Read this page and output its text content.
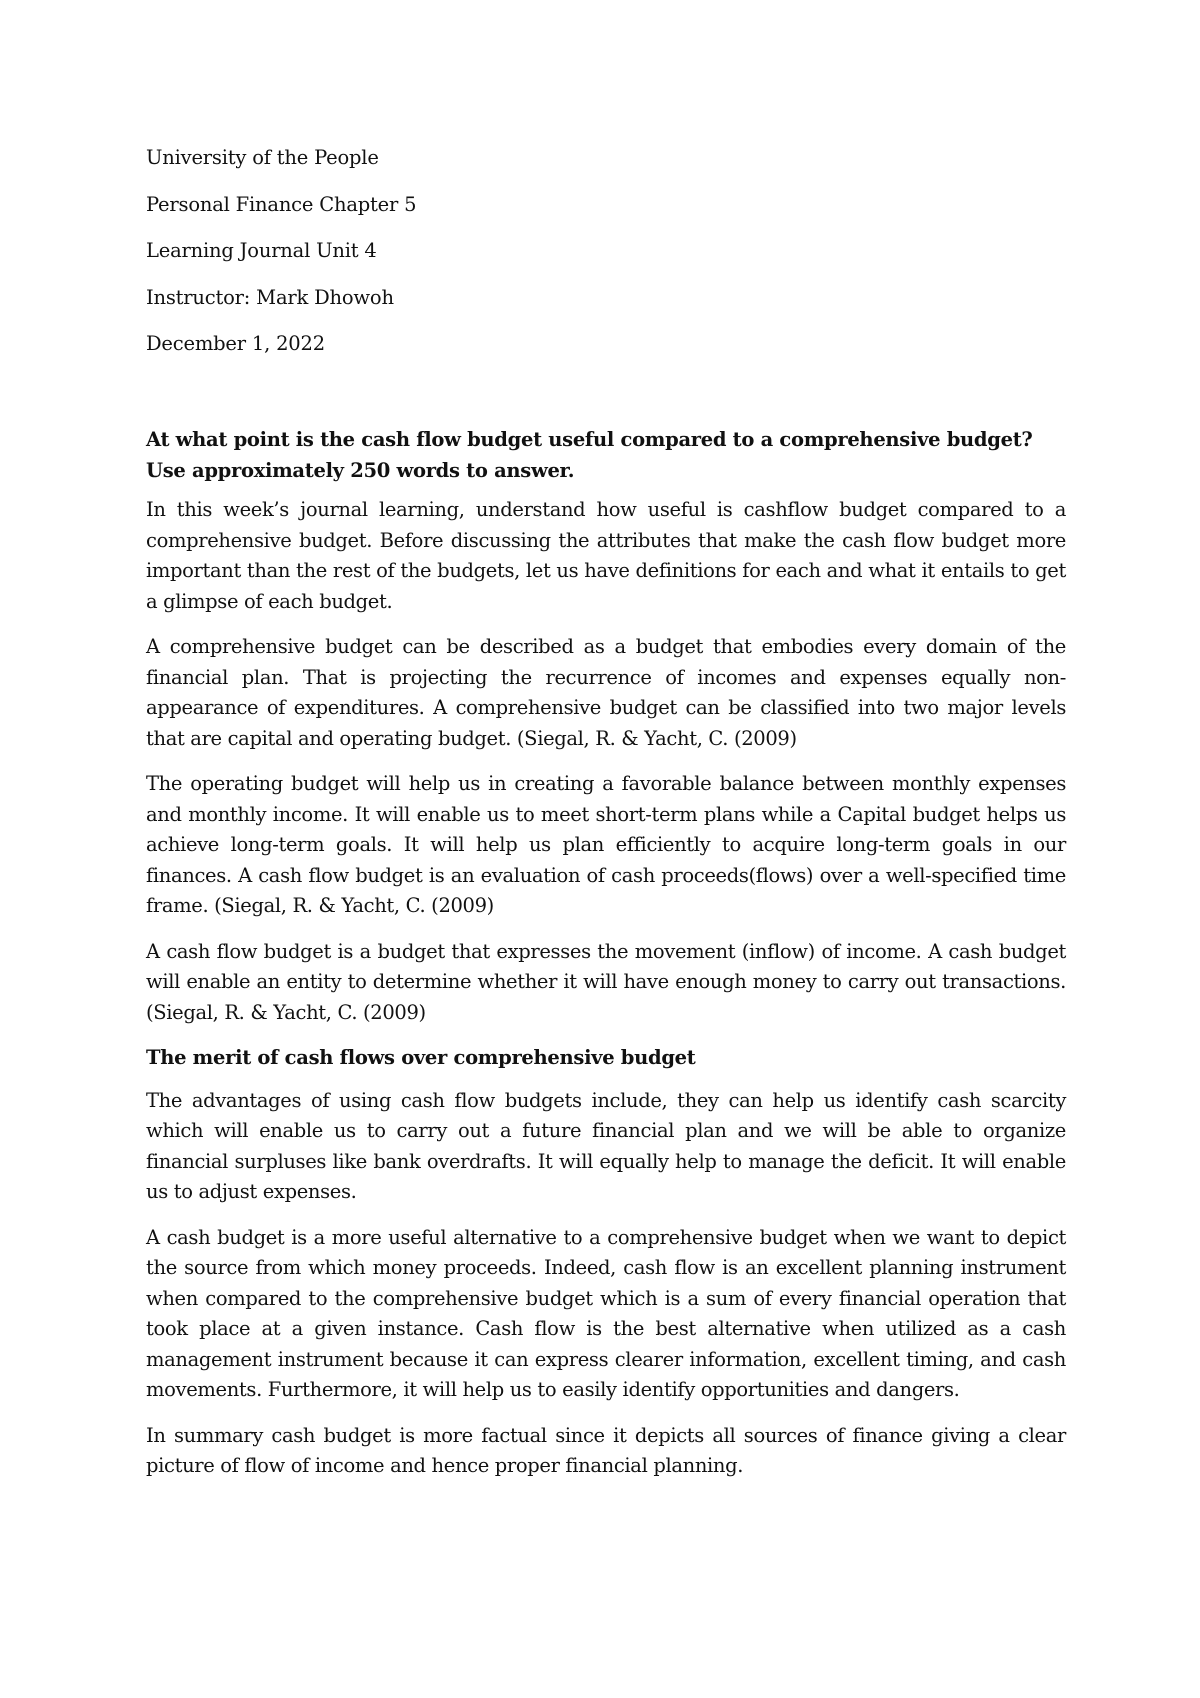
University of the People

Personal Finance Chapter 5

Learning Journal Unit 4

Instructor: Mark Dhowoh

December 1, 2022

At what point is the cash flow budget useful compared to a comprehensive budget? Use approximately 250 words to answer.

In this week’s journal learning, understand how useful is cashflow budget compared to a comprehensive budget. Before discussing the attributes that make the cash flow budget more important than the rest of the budgets, let us have definitions for each and what it entails to get a glimpse of each budget.

A comprehensive budget can be described as a budget that embodies every domain of the financial plan. That is projecting the recurrence of incomes and expenses equally non-appearance of expenditures. A comprehensive budget can be classified into two major levels that are capital and operating budget. (Siegal, R. & Yacht, C. (2009)

The operating budget will help us in creating a favorable balance between monthly expenses and monthly income. It will enable us to meet short-term plans while a Capital budget helps us achieve long-term goals. It will help us plan efficiently to acquire long-term goals in our finances. A cash flow budget is an evaluation of cash proceeds(flows) over a well-specified time frame. (Siegal, R. & Yacht, C. (2009)

A cash flow budget is a budget that expresses the movement (inflow) of income. A cash budget will enable an entity to determine whether it will have enough money to carry out transactions. (Siegal, R. & Yacht, C. (2009)

The merit of cash flows over comprehensive budget

The advantages of using cash flow budgets include, they can help us identify cash scarcity which will enable us to carry out a future financial plan and we will be able to organize financial surpluses like bank overdrafts. It will equally help to manage the deficit. It will enable us to adjust expenses.

A cash budget is a more useful alternative to a comprehensive budget when we want to depict the source from which money proceeds. Indeed, cash flow is an excellent planning instrument when compared to the comprehensive budget which is a sum of every financial operation that took place at a given instance. Cash flow is the best alternative when utilized as a cash management instrument because it can express clearer information, excellent timing, and cash movements. Furthermore, it will help us to easily identify opportunities and dangers.

In summary cash budget is more factual since it depicts all sources of finance giving a clear picture of flow of income and hence proper financial planning.
